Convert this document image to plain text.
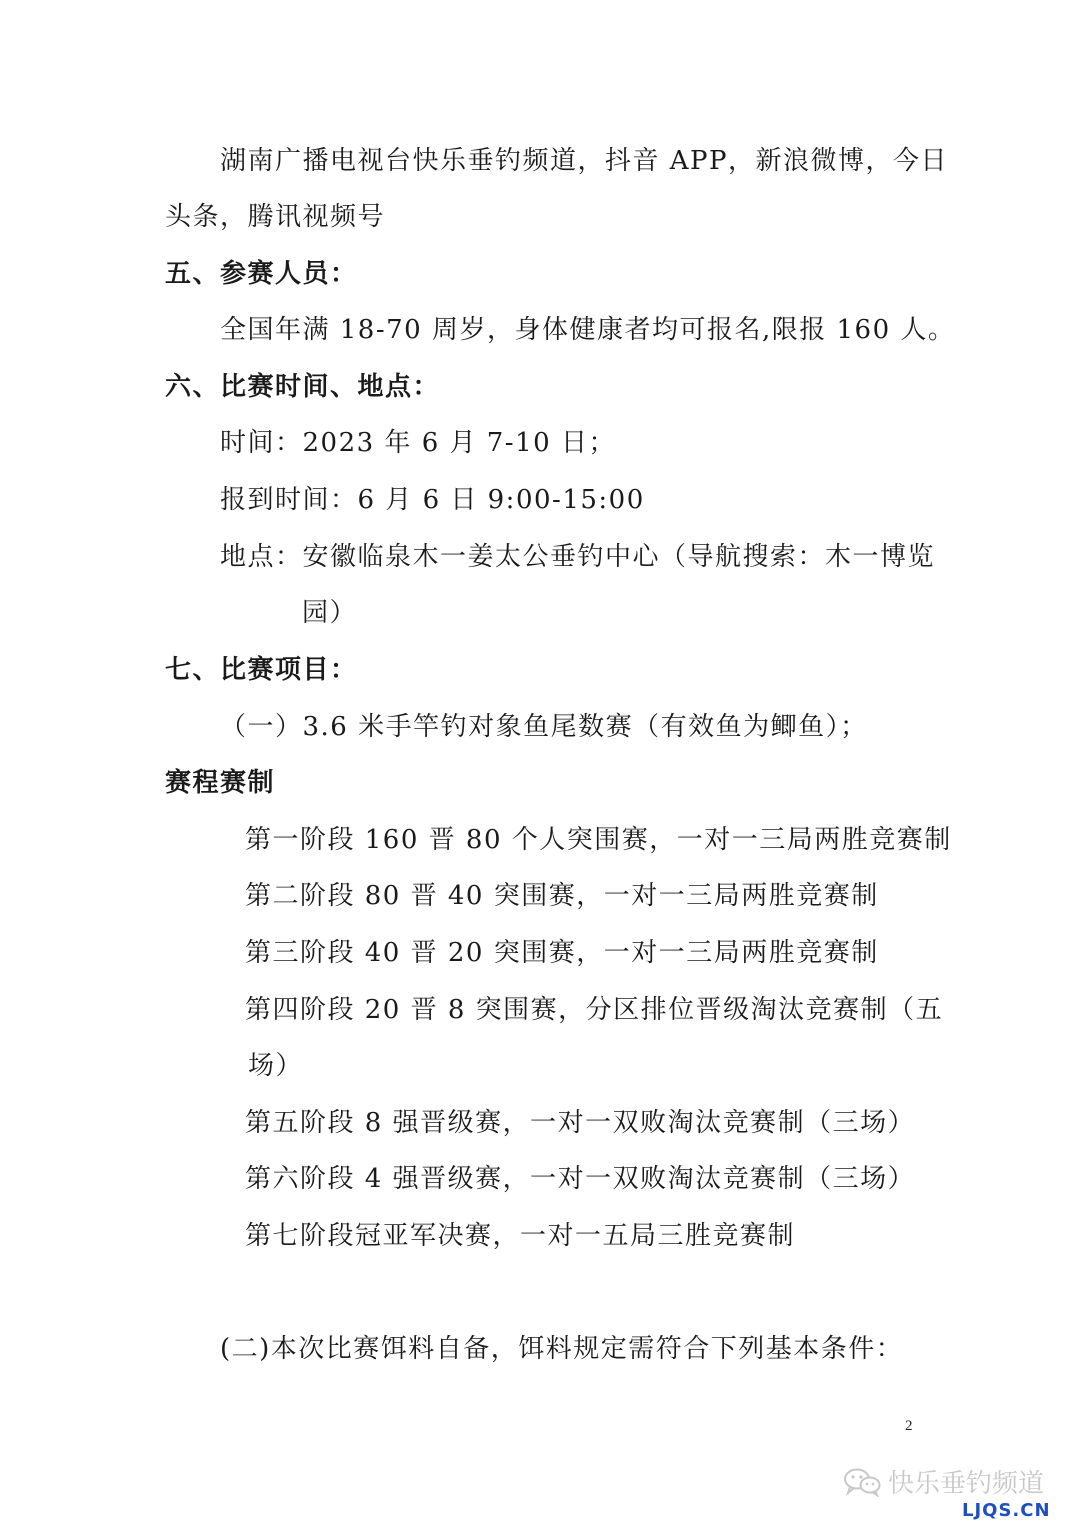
湖南广播电视台快乐垂钓频道，抖音 APP，新浪微博，今日
头条，腾讯视频号
五、参赛人员：
全国年满 18-70 周岁，身体健康者均可报名,限报 160 人。
六、比赛时间、地点：
时间：2023 年 6 月 7-10 日；
报到时间：6 月 6 日 9:00-15:00
地点：安徽临泉木一姜太公垂钓中心（导航搜索：木一博览
园）
七、比赛项目：
（一）3.6 米手竿钓对象鱼尾数赛（有效鱼为鲫鱼）；
赛程赛制
第一阶段 160 晋 80 个人突围赛，一对一三局两胜竞赛制
第二阶段 80 晋 40 突围赛，一对一三局两胜竞赛制
第三阶段 40 晋 20 突围赛，一对一三局两胜竞赛制
第四阶段 20 晋 8 突围赛，分区排位晋级淘汰竞赛制（五
场）
第五阶段 8 强晋级赛，一对一双败淘汰竞赛制（三场）
第六阶段 4 强晋级赛，一对一双败淘汰竞赛制（三场）
第七阶段冠亚军决赛，一对一五局三胜竞赛制
(二)本次比赛饵料自备，饵料规定需符合下列基本条件：
2
快乐垂钓频道
LJQS.CN
